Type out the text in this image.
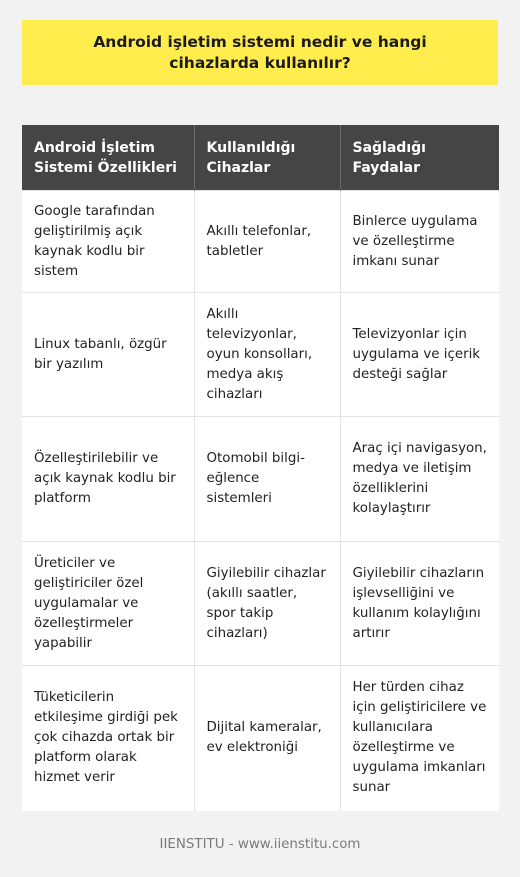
Android işletim sistemi nedir ve hangi cihazlarda kullanılır?
Android İşletim Sistemi Özellikleri	Kullanıldığı Cihazlar	Sağladığı Faydalar
Google tarafından geliştirilmiş açık kaynak kodlu bir sistem	Akıllı telefonlar, tabletler	Binlerce uygulama ve özelleştirme imkanı sunar
Linux tabanlı, özgür bir yazılım	Akıllı televizyonlar, oyun konsolları, medya akış cihazları	Televizyonlar için uygulama ve içerik desteği sağlar
Özelleştirilebilir ve açık kaynak kodlu bir platform	Otomobil bilgi-eğlence sistemleri	Araç içi navigasyon, medya ve iletişim özelliklerini kolaylaştırır
Üreticiler ve geliştiriciler özel uygulamalar ve özelleştirmeler yapabilir	Giyilebilir cihazlar (akıllı saatler, spor takip cihazları)	Giyilebilir cihazların işlevselliğini ve kullanım kolaylığını artırır
Tüketicilerin etkileşime girdiği pek çok cihazda ortak bir platform olarak hizmet verir	Dijital kameralar, ev elektroniği	Her türden cihaz için geliştiricilere ve kullanıcılara özelleştirme ve uygulama imkanları sunar
IIENSTITU - www.iienstitu.com
